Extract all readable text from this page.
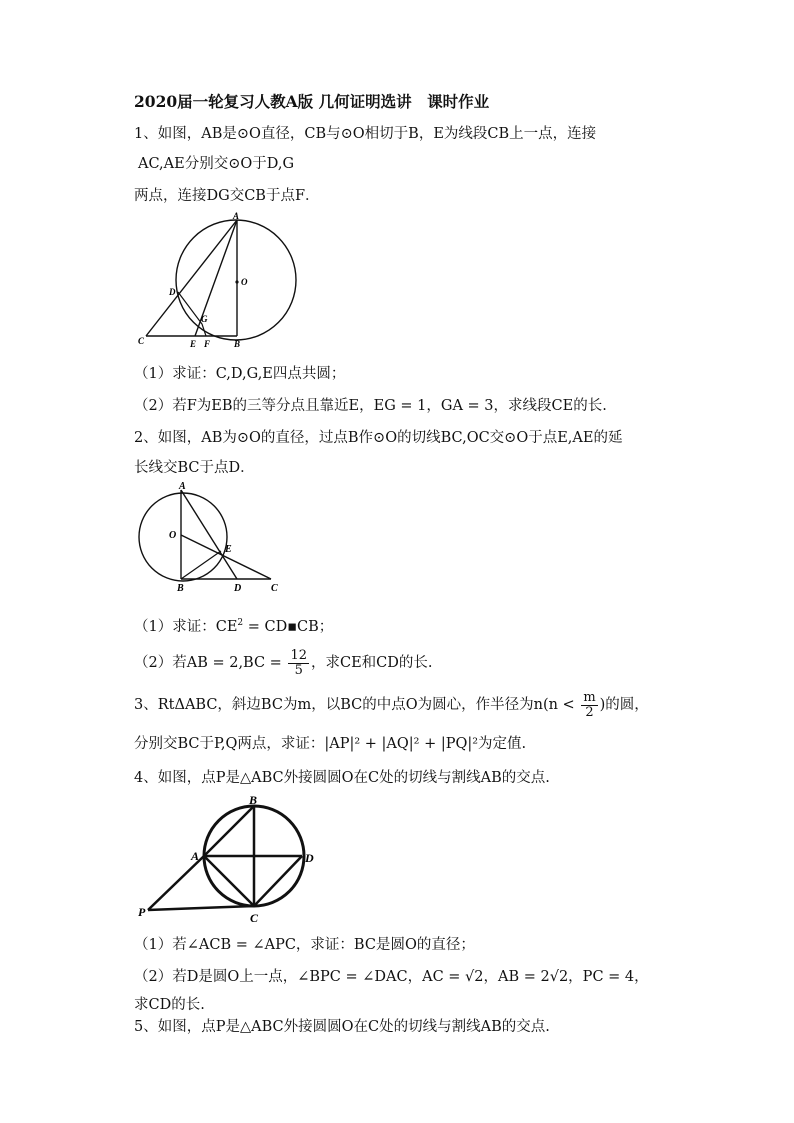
2020届一轮复习人教A版 几何证明选讲　课时作业
1、如图，AB是⊙O直径，CB与⊙O相切于B，E为线段CB上一点，连接
AC,AE分别交⊙O于D,G
两点，连接DG交CB于点F．
A
O
D
G
C	E F	B
（1）求证：C,D,G,E四点共圆；
（2）若F为EB的三等分点且靠近E，EG = 1，GA = 3，求线段CE的长.
2、如图，AB为⊙O的直径，过点B作⊙O的切线BC,OC交⊙O于点E,AE的延
长线交BC于点D．
A
O
E
B	D	C
（1）求证：$CE^2$ = CD▪CB；
（2）若AB = $2,BC = \frac{12}{5}$ ，求CE和CD的长.
3、RtΔABC，斜边BC为m，以BC的中点O为圆心，作半径为$n(n < \frac{m}{2}$ )的圆，
分别交BC于P,Q两点，求证：|AP|² + |AQ|² + |PQ|²为定值.
4、如图，点P是△ABC外接圆圆O在C处的切线与割线AB的交点.
B
A	D
C
P
（1）若∠ACB = ∠APC，求证：BC是圆O的直径；
（2）若D是圆O上一点，∠BPC = ∠DAC，AC = √2，AB = 2√2，PC = 4，
求CD的长.
5、如图，点P是△ABC外接圆圆O在C处的切线与割线AB的交点.
